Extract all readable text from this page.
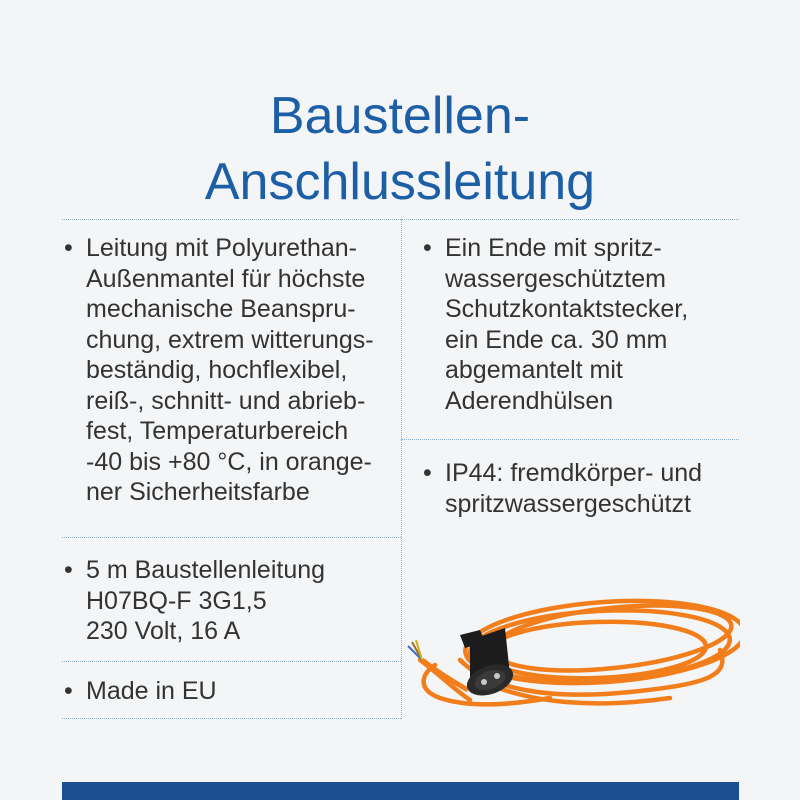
Baustellen-
Anschlussleitung
• Leitung mit Polyurethan-
Außenmantel für höchste
mechanische Beanspru-
chung, extrem witterungs-
beständig, hochflexibel,
reiß-, schnitt- und abrieb-
fest, Temperaturbereich
-40 bis +80 °C, in orange-
ner Sicherheitsfarbe
• Ein Ende mit spritz-
wassergeschütztem
Schutzkontaktstecker,
ein Ende ca. 30 mm
abgemantelt mit
Aderendhülsen
• IP44: fremdkörper- und
spritzwassergeschützt
• 5 m Baustellenleitung
H07BQ-F 3G1,5
230 Volt, 16 A
• Made in EU
